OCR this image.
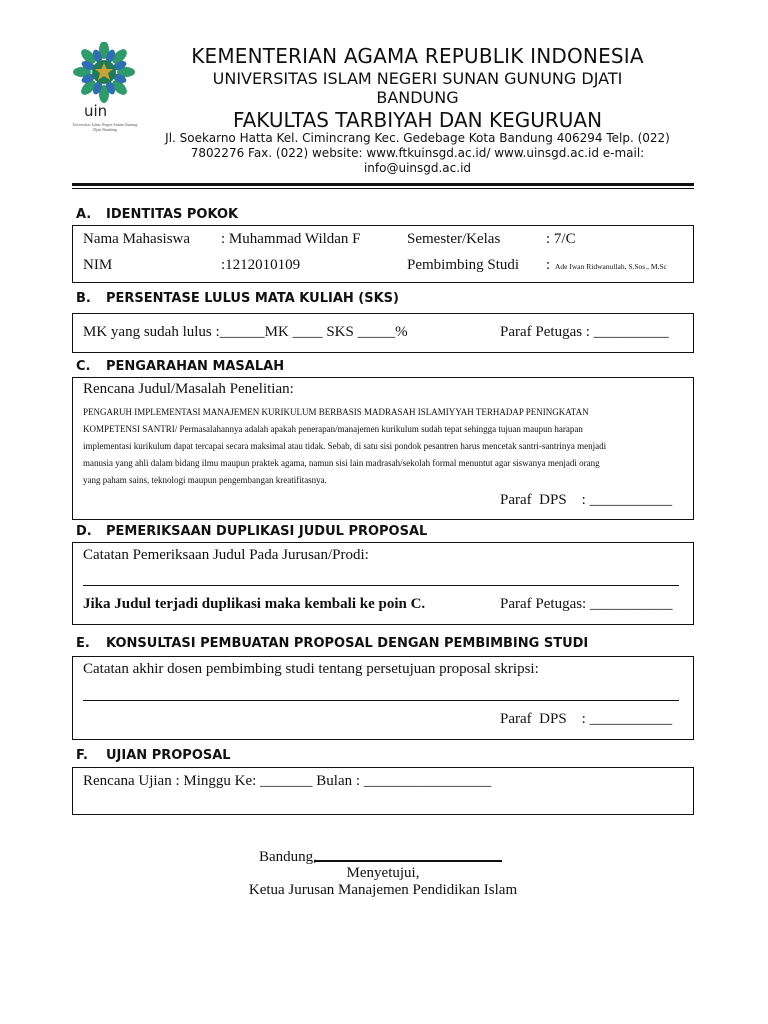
uin
Universitas Islam Negeri Sunan Gunung Djati Bandung
KEMENTERIAN AGAMA REPUBLIK INDONESIA
UNIVERSITAS ISLAM NEGERI SUNAN GUNUNG DJATI
BANDUNG
FAKULTAS TARBIYAH DAN KEGURUAN
Jl. Soekarno Hatta Kel. Cimincrang Kec. Gedebage Kota Bandung 406294 Telp. (022)
7802276 Fax. (022) website: www.ftkuinsgd.ac.id/ www.uinsgd.ac.id e-mail:
info@uinsgd.ac.id
A. IDENTITAS POKOK
Nama Mahasiswa : Muhammad Wildan F	Semester/Kelas	: 7/C
NIM	:1212010109	Pembimbing Studi : Ade Iwan Ridwanullah, S.Sos., M.Sc
B. PERSENTASE LULUS MATA KULIAH (SKS)
MK yang sudah lulus :______MK ____ SKS _____%	Paraf Petugas : __________
C. PENGARAHAN MASALAH
Rencana Judul/Masalah Penelitian:
PENGARUH IMPLEMENTASI MANAJEMEN KURIKULUM BERBASIS MADRASAH ISLAMIYYAH TERHADAP PENINGKATAN
KOMPETENSI SANTRI/ Permasalahannya adalah apakah penerapan/manajemen kurikulum sudah tepat sehingga tujuan maupun harapan
implementasi kurikulum dapat tercapai secara maksimal atau tidak. Sebab, di satu sisi pondok pesantren harus mencetak santri-santrinya menjadi
manusia yang ahli dalam bidang ilmu maupun praktek agama, namun sisi lain madrasah/sekolah formal menuntut agar siswanya menjadi orang
yang paham sains, teknologi maupun pengembangan kreatifitasnya.
Paraf  DPS    : ___________
D. PEMERIKSAAN DUPLIKASI JUDUL PROPOSAL
Catatan Pemeriksaan Judul Pada Jurusan/Prodi:
Jika Judul terjadi duplikasi maka kembali ke poin C.	Paraf Petugas: ___________
E. KONSULTASI PEMBUATAN PROPOSAL DENGAN PEMBIMBING STUDI
Catatan akhir dosen pembimbing studi tentang persetujuan proposal skripsi:
Paraf  DPS    : ___________
F. UJIAN PROPOSAL
Rencana Ujian : Minggu Ke: _______ Bulan : _________________
Bandung,
Menyetujui,
Ketua Jurusan Manajemen Pendidikan Islam
